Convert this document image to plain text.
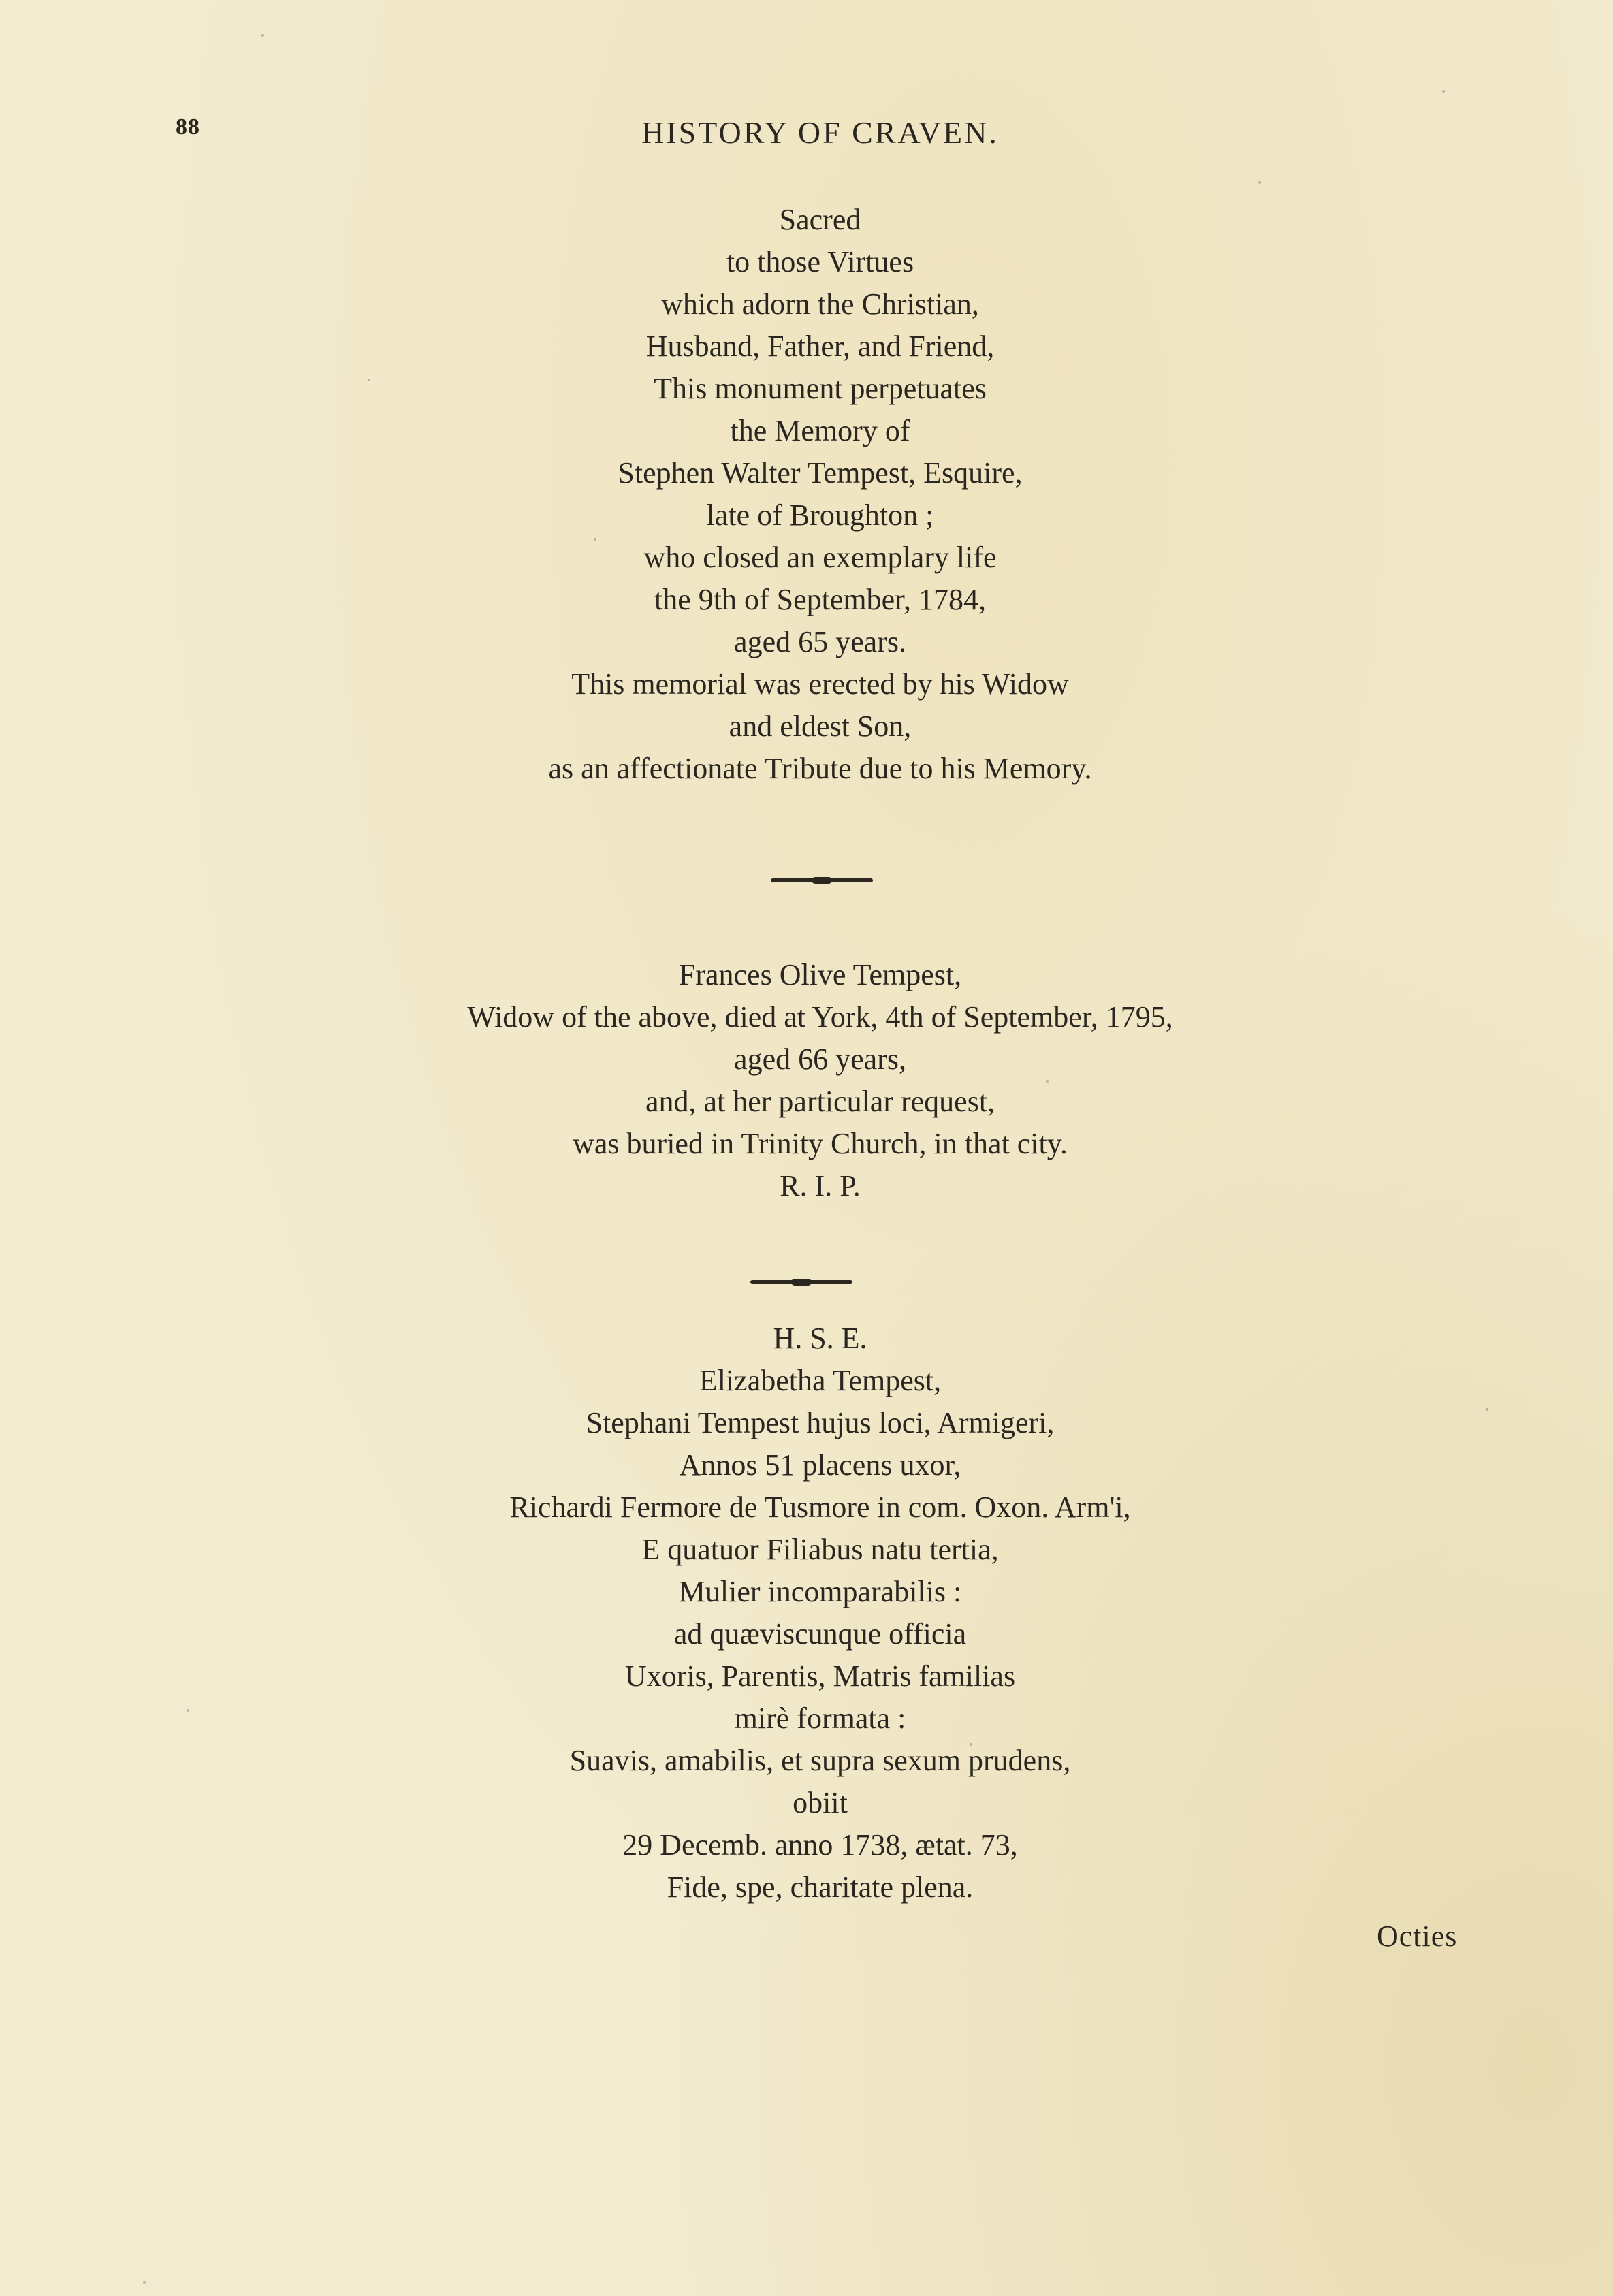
88	HISTORY OF CRAVEN.
Sacred
to those Virtues
which adorn the Christian,
Husband, Father, and Friend,
This monument perpetuates
the Memory of
Stephen Walter Tempest, Esquire,
late of Broughton ;
who closed an exemplary life
the 9th of September, 1784,
aged 65 years.
This memorial was erected by his Widow
and eldest Son,
as an affectionate Tribute due to his Memory.
Frances Olive Tempest,
Widow of the above, died at York, 4th of September, 1795,
aged 66 years,
and, at her particular request,
was buried in Trinity Church, in that city.
R. I. P.
H. S. E.
Elizabetha Tempest,
Stephani Tempest hujus loci, Armigeri,
Annos 51 placens uxor,
Richardi Fermore de Tusmore in com. Oxon. Arm'i,
E quatuor Filiabus natu tertia,
Mulier incomparabilis :
ad quæviscunque officia
Uxoris, Parentis, Matris familias
mirè formata :
Suavis, amabilis, et supra sexum prudens,
obiit
29 Decemb. anno 1738, ætat. 73,
Fide, spe, charitate plena.
Octies
